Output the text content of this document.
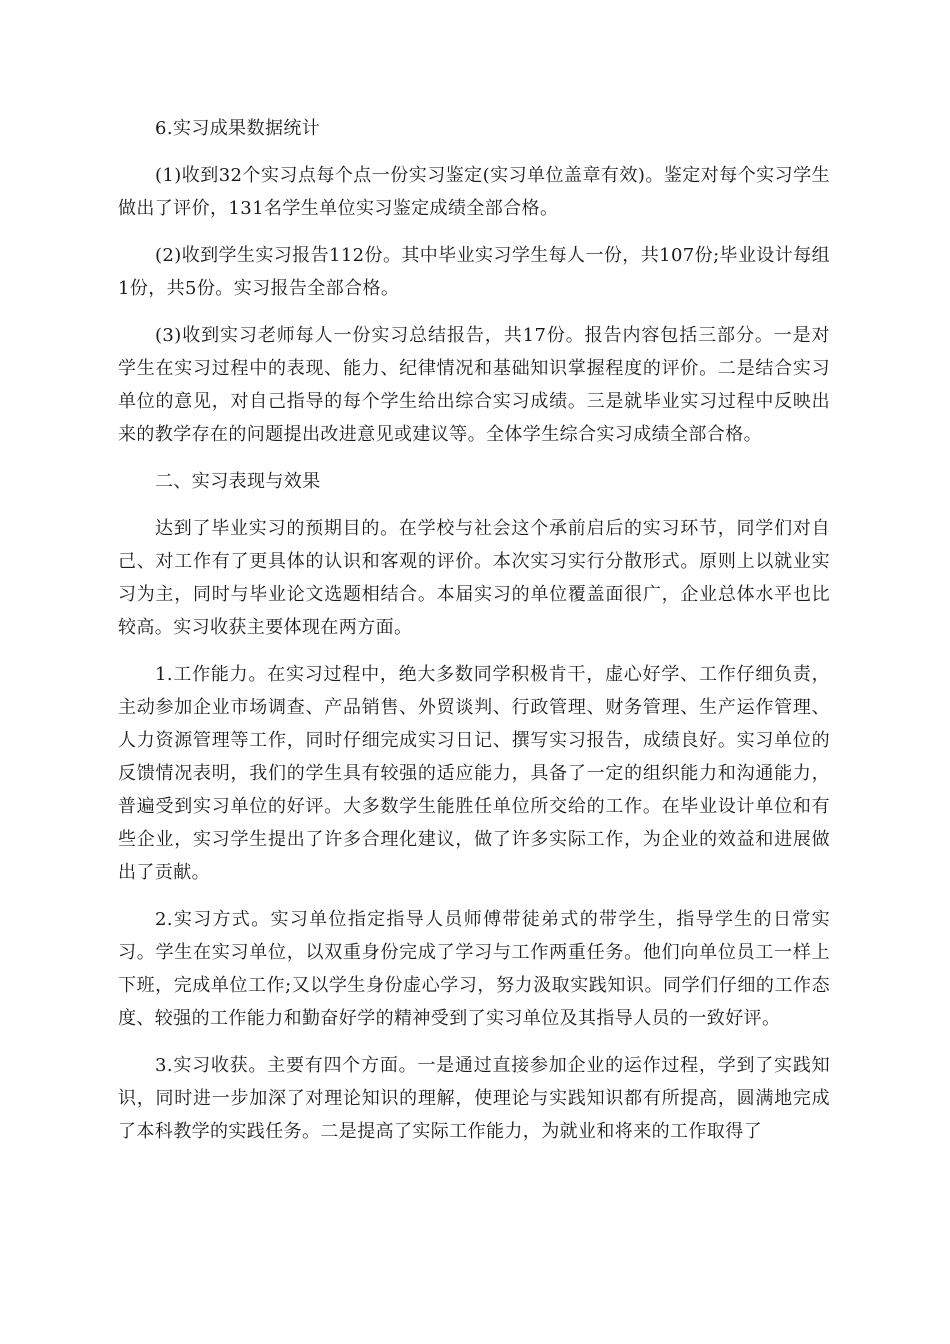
6.实习成果数据统计

(1)收到32个实习点每个点一份实习鉴定(实习单位盖章有效)。鉴定对每个实习学生做出了评价，131名学生单位实习鉴定成绩全部合格。

(2)收到学生实习报告112份。其中毕业实习学生每人一份，共107份;毕业设计每组1份，共5份。实习报告全部合格。

(3)收到实习老师每人一份实习总结报告，共17份。报告内容包括三部分。一是对学生在实习过程中的表现、能力、纪律情况和基础知识掌握程度的评价。二是结合实习单位的意见，对自己指导的每个学生给出综合实习成绩。三是就毕业实习过程中反映出来的教学存在的问题提出改进意见或建议等。全体学生综合实习成绩全部合格。

二、实习表现与效果

达到了毕业实习的预期目的。在学校与社会这个承前启后的实习环节，同学们对自己、对工作有了更具体的认识和客观的评价。本次实习实行分散形式。原则上以就业实习为主，同时与毕业论文选题相结合。本届实习的单位覆盖面很广，企业总体水平也比较高。实习收获主要体现在两方面。

1.工作能力。在实习过程中，绝大多数同学积极肯干，虚心好学、工作仔细负责，主动参加企业市场调查、产品销售、外贸谈判、行政管理、财务管理、生产运作管理、人力资源管理等工作，同时仔细完成实习日记、撰写实习报告，成绩良好。实习单位的反馈情况表明，我们的学生具有较强的适应能力，具备了一定的组织能力和沟通能力，普遍受到实习单位的好评。大多数学生能胜任单位所交给的工作。在毕业设计单位和有些企业，实习学生提出了许多合理化建议，做了许多实际工作，为企业的效益和进展做出了贡献。

2.实习方式。实习单位指定指导人员师傅带徒弟式的带学生，指导学生的日常实习。学生在实习单位，以双重身份完成了学习与工作两重任务。他们向单位员工一样上下班，完成单位工作;又以学生身份虚心学习，努力汲取实践知识。同学们仔细的工作态度、较强的工作能力和勤奋好学的精神受到了实习单位及其指导人员的一致好评。

3.实习收获。主要有四个方面。一是通过直接参加企业的运作过程，学到了实践知识，同时进一步加深了对理论知识的理解，使理论与实践知识都有所提高，圆满地完成了本科教学的实践任务。二是提高了实际工作能力，为就业和将来的工作取得了
